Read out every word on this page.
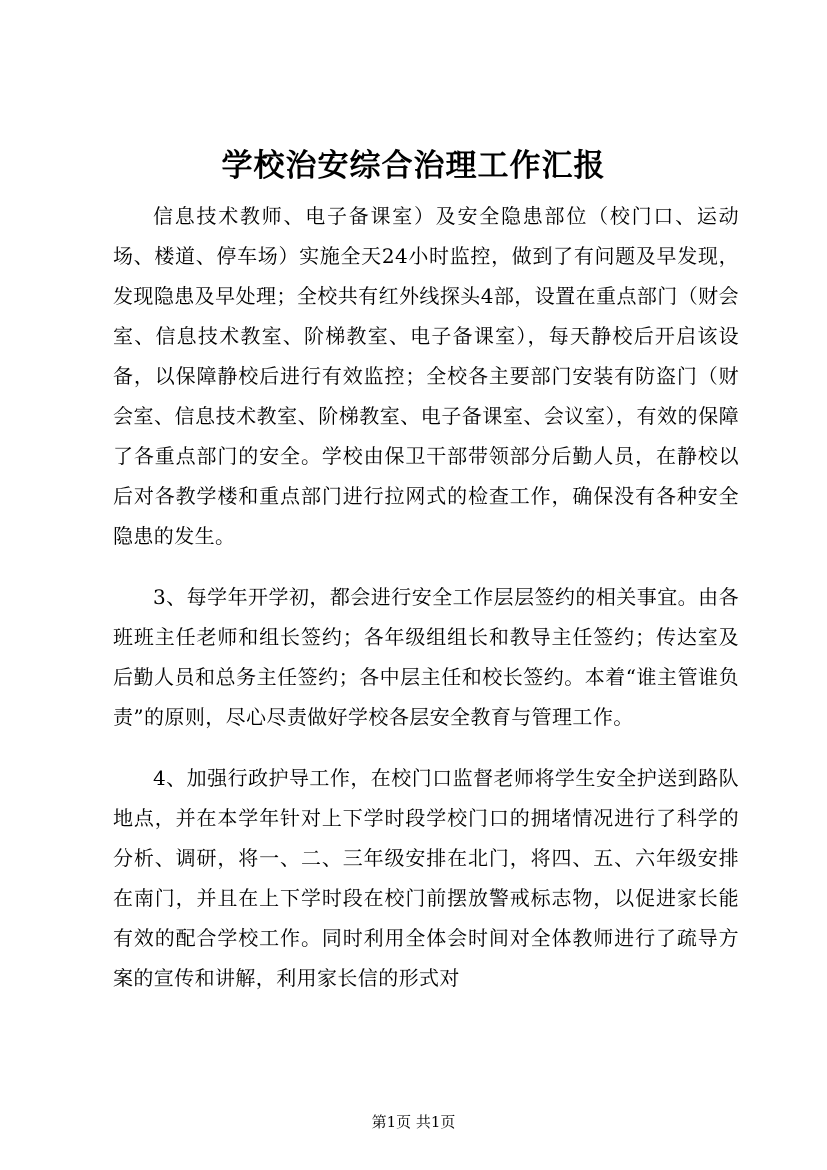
学校治安综合治理工作汇报

信息技术教师、电子备课室）及安全隐患部位（校门口、运动场、楼道、停车场）实施全天24小时监控，做到了有问题及早发现，发现隐患及早处理；全校共有红外线探头4部，设置在重点部门（财会室、信息技术教室、阶梯教室、电子备课室），每天静校后开启该设备，以保障静校后进行有效监控；全校各主要部门安装有防盗门（财会室、信息技术教室、阶梯教室、电子备课室、会议室），有效的保障了各重点部门的安全。学校由保卫干部带领部分后勤人员，在静校以后对各教学楼和重点部门进行拉网式的检查工作，确保没有各种安全隐患的发生。

3、每学年开学初，都会进行安全工作层层签约的相关事宜。由各班班主任老师和组长签约；各年级组组长和教导主任签约；传达室及后勤人员和总务主任签约；各中层主任和校长签约。本着“谁主管谁负责”的原则，尽心尽责做好学校各层安全教育与管理工作。

4、加强行政护导工作，在校门口监督老师将学生安全护送到路队地点，并在本学年针对上下学时段学校门口的拥堵情况进行了科学的分析、调研，将一、二、三年级安排在北门，将四、五、六年级安排在南门，并且在上下学时段在校门前摆放警戒标志物，以促进家长能有效的配合学校工作。同时利用全体会时间对全体教师进行了疏导方案的宣传和讲解，利用家长信的形式对

第1页 共1页
